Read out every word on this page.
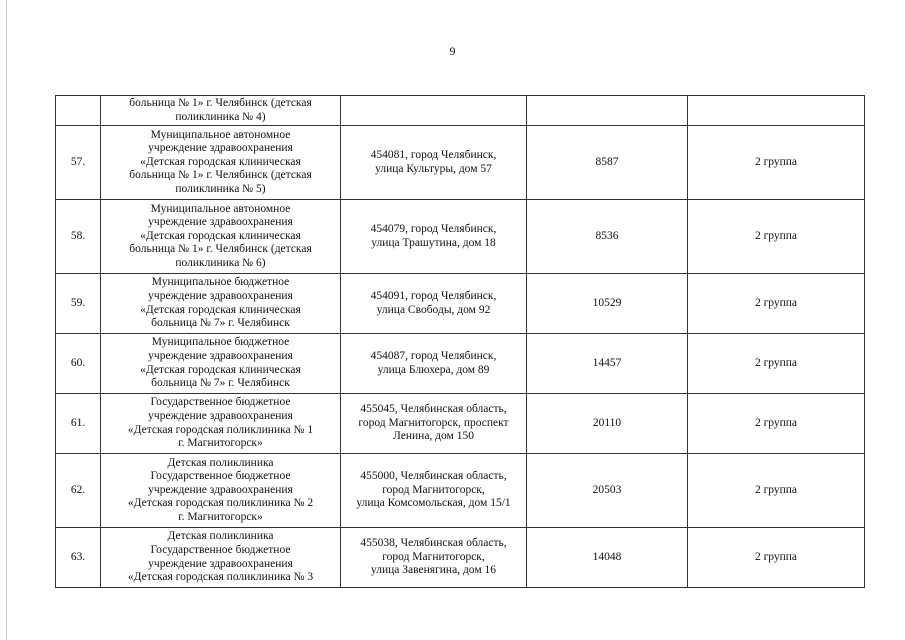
9

	больница № 1» г. Челябинск (детская
поликлиника № 4)			

57.	Муниципальное автономное
учреждение здравоохранения
«Детская городская клиническая
больница № 1» г. Челябинск (детская
поликлиника № 5)	454081, город Челябинск,
улица Культуры, дом 57	8587	2 группа

58.	Муниципальное автономное
учреждение здравоохранения
«Детская городская клиническая
больница № 1» г. Челябинск (детская
поликлиника № 6)	454079, город Челябинск,
улица Трашутина, дом 18	8536	2 группа

59.	Муниципальное бюджетное
учреждение здравоохранения
«Детская городская клиническая
больница № 7» г. Челябинск	454091, город Челябинск,
улица Свободы, дом 92	10529	2 группа

60.	Муниципальное бюджетное
учреждение здравоохранения
«Детская городская клиническая
больница № 7» г. Челябинск	454087, город Челябинск,
улица Блюхера, дом 89	14457	2 группа

61.	Государственное бюджетное
учреждение здравоохранения
«Детская городская поликлиника № 1
г. Магнитогорск»	455045, Челябинская область,
город Магнитогорск, проспект
Ленина, дом 150	20110	2 группа

62.	Детская поликлиника
Государственное бюджетное
учреждение здравоохранения
«Детская городская поликлиника № 2
г. Магнитогорск»	455000, Челябинская область,
город Магнитогорск,
улица Комсомольская, дом 15/1	20503	2 группа

63.	Детская поликлиника
Государственное бюджетное
учреждение здравоохранения
«Детская городская поликлиника № 3	455038, Челябинская область,
город Магнитогорск,
улица Завенягина, дом 16	14048	2 группа
